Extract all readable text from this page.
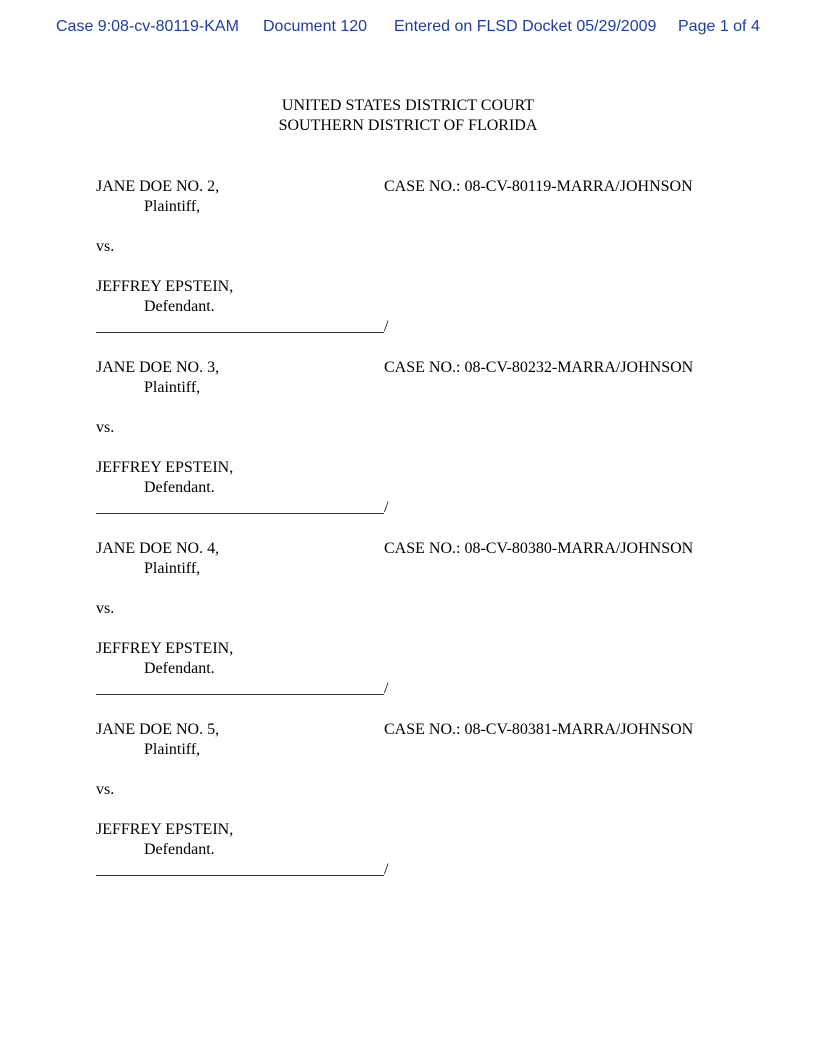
Case 9:08-cv-80119-KAM Document 120 Entered on FLSD Docket 05/29/2009 Page 1 of 4
UNITED STATES DISTRICT COURT
SOUTHERN DISTRICT OF FLORIDA
JANE DOE NO. 2,
Plaintiff,
vs.
JEFFREY EPSTEIN,
Defendant.
____________________________________/
CASE NO.: 08-CV-80119-MARRA/JOHNSON
JANE DOE NO. 3,
Plaintiff,
vs.
JEFFREY EPSTEIN,
Defendant.
____________________________________/
CASE NO.: 08-CV-80232-MARRA/JOHNSON
JANE DOE NO. 4,
Plaintiff,
vs.
JEFFREY EPSTEIN,
Defendant.
____________________________________/
CASE NO.: 08-CV-80380-MARRA/JOHNSON
JANE DOE NO. 5,
Plaintiff,
vs.
JEFFREY EPSTEIN,
Defendant.
____________________________________/
CASE NO.: 08-CV-80381-MARRA/JOHNSON
